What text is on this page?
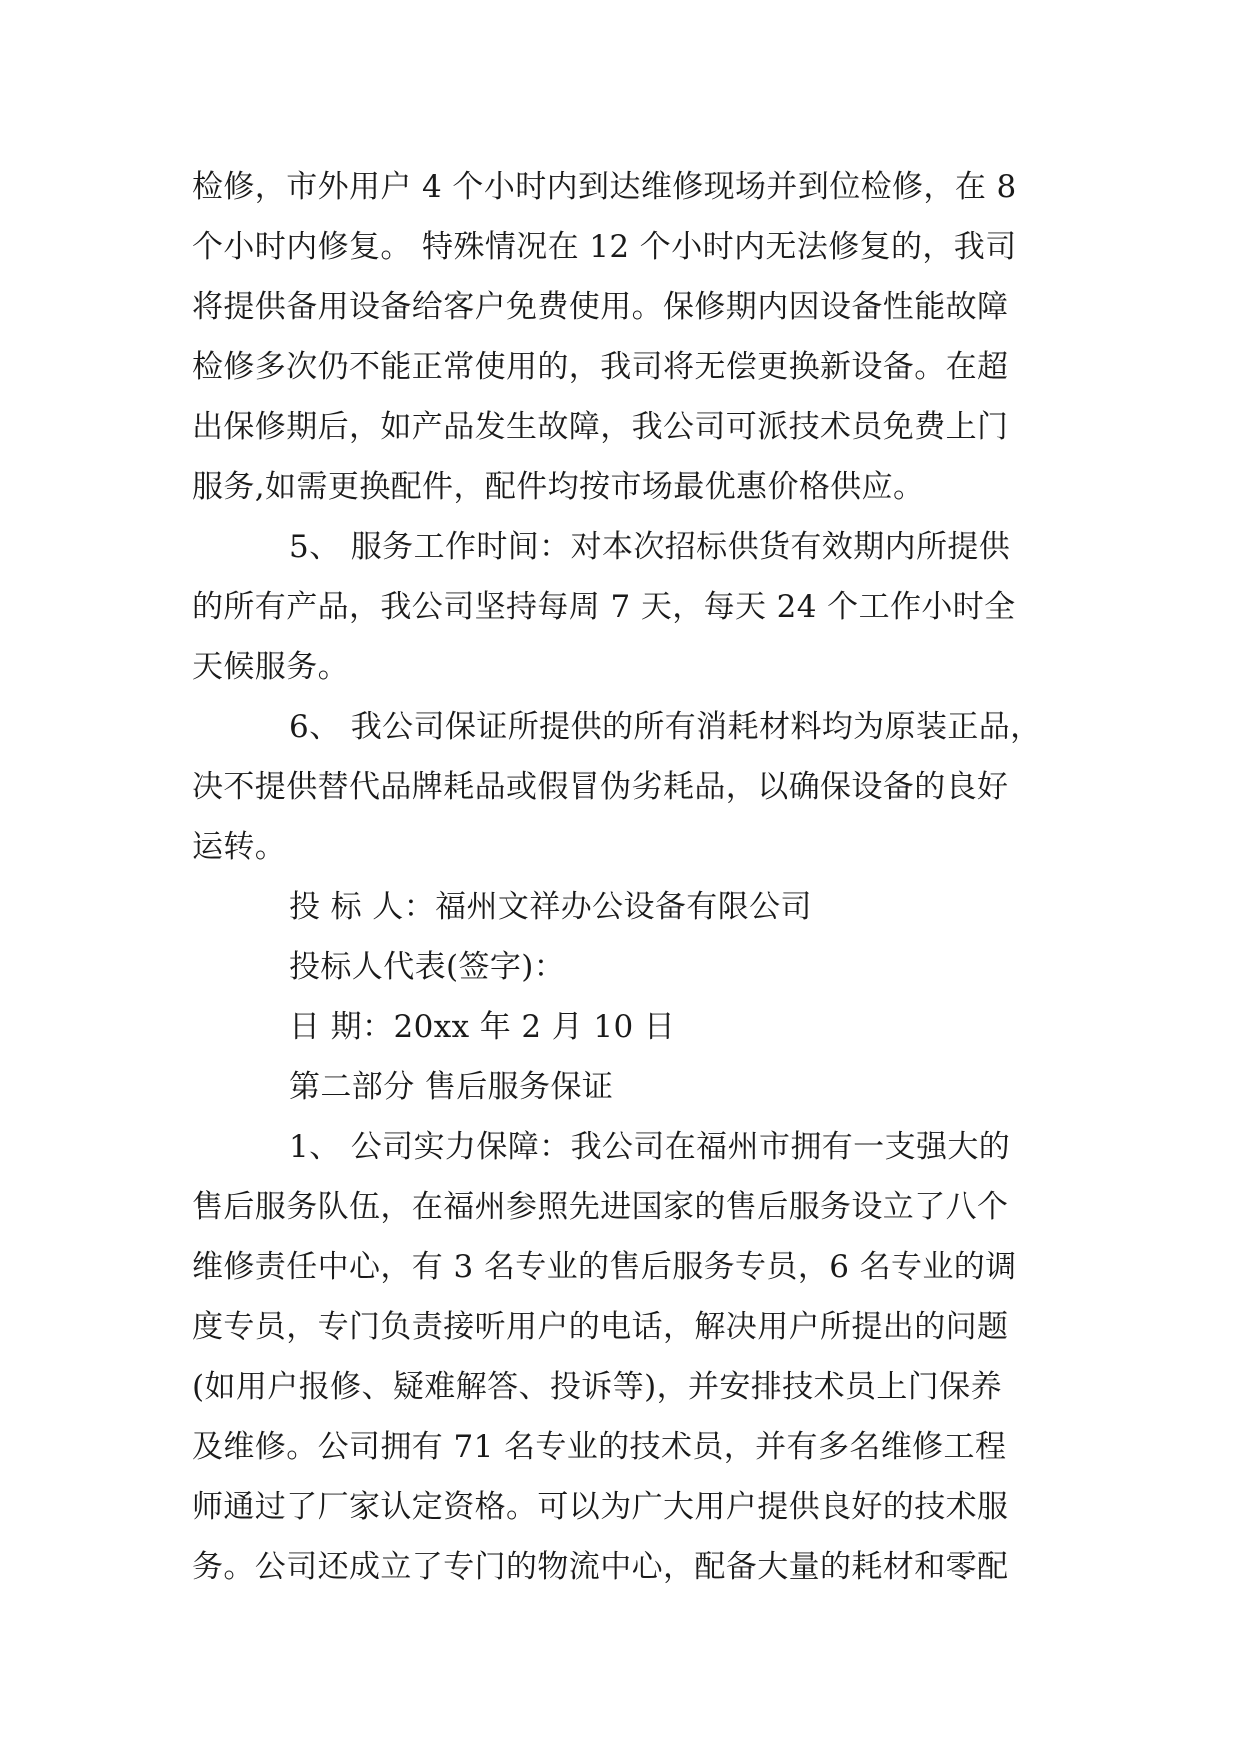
检修，市外用户 4 个小时内到达维修现场并到位检修，在 8
个小时内修复。 特殊情况在 12 个小时内无法修复的，我司
将提供备用设备给客户免费使用。保修期内因设备性能故障
检修多次仍不能正常使用的，我司将无偿更换新设备。在超
出保修期后，如产品发生故障，我公司可派技术员免费上门
服务,如需更换配件，配件均按市场最优惠价格供应。
5、 服务工作时间：对本次招标供货有效期内所提供
的所有产品，我公司坚持每周 7 天，每天 24 个工作小时全
天候服务。
6、 我公司保证所提供的所有消耗材料均为原装正品，
决不提供替代品牌耗品或假冒伪劣耗品，以确保设备的良好
运转。
投 标 人：福州文祥办公设备有限公司
投标人代表(签字)：
日 期：20xx 年 2 月 10 日
第二部分 售后服务保证
1、 公司实力保障：我公司在福州市拥有一支强大的
售后服务队伍，在福州参照先进国家的售后服务设立了八个
维修责任中心，有 3 名专业的售后服务专员，6 名专业的调
度专员，专门负责接听用户的电话，解决用户所提出的问题
(如用户报修、疑难解答、投诉等)，并安排技术员上门保养
及维修。公司拥有 71 名专业的技术员，并有多名维修工程
师通过了厂家认定资格。可以为广大用户提供良好的技术服
务。公司还成立了专门的物流中心，配备大量的耗材和零配
